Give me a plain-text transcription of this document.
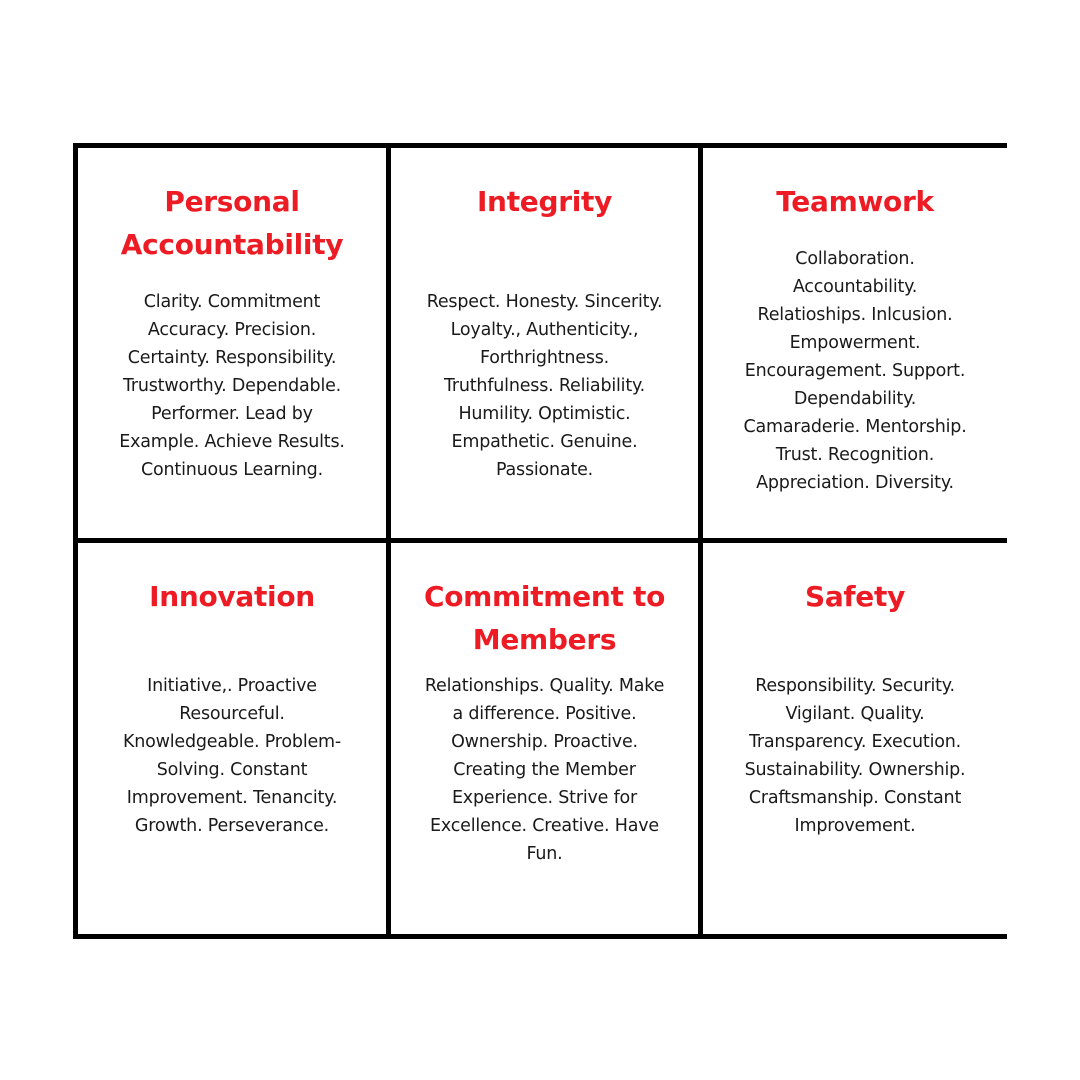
Personal
Accountability
Clarity. Commitment
Accuracy. Precision.
Certainty. Responsibility.
Trustworthy. Dependable.
Performer. Lead by
Example. Achieve Results.
Continuous Learning.
Integrity
Respect. Honesty. Sincerity.
Loyalty., Authenticity.,
Forthrightness.
Truthfulness. Reliability.
Humility. Optimistic.
Empathetic. Genuine.
Passionate.
Teamwork
Collaboration.
Accountability.
Relatioships. Inlcusion.
Empowerment.
Encouragement. Support.
Dependability.
Camaraderie. Mentorship.
Trust. Recognition.
Appreciation. Diversity.
Innovation
Initiative,. Proactive
Resourceful.
Knowledgeable. Problem-
Solving. Constant
Improvement. Tenancity.
Growth. Perseverance.
Commitment to
Members
Relationships. Quality. Make
a difference. Positive.
Ownership. Proactive.
Creating the Member
Experience. Strive for
Excellence. Creative. Have
Fun.
Safety
Responsibility. Security.
Vigilant. Quality.
Transparency. Execution.
Sustainability. Ownership.
Craftsmanship. Constant
Improvement.
